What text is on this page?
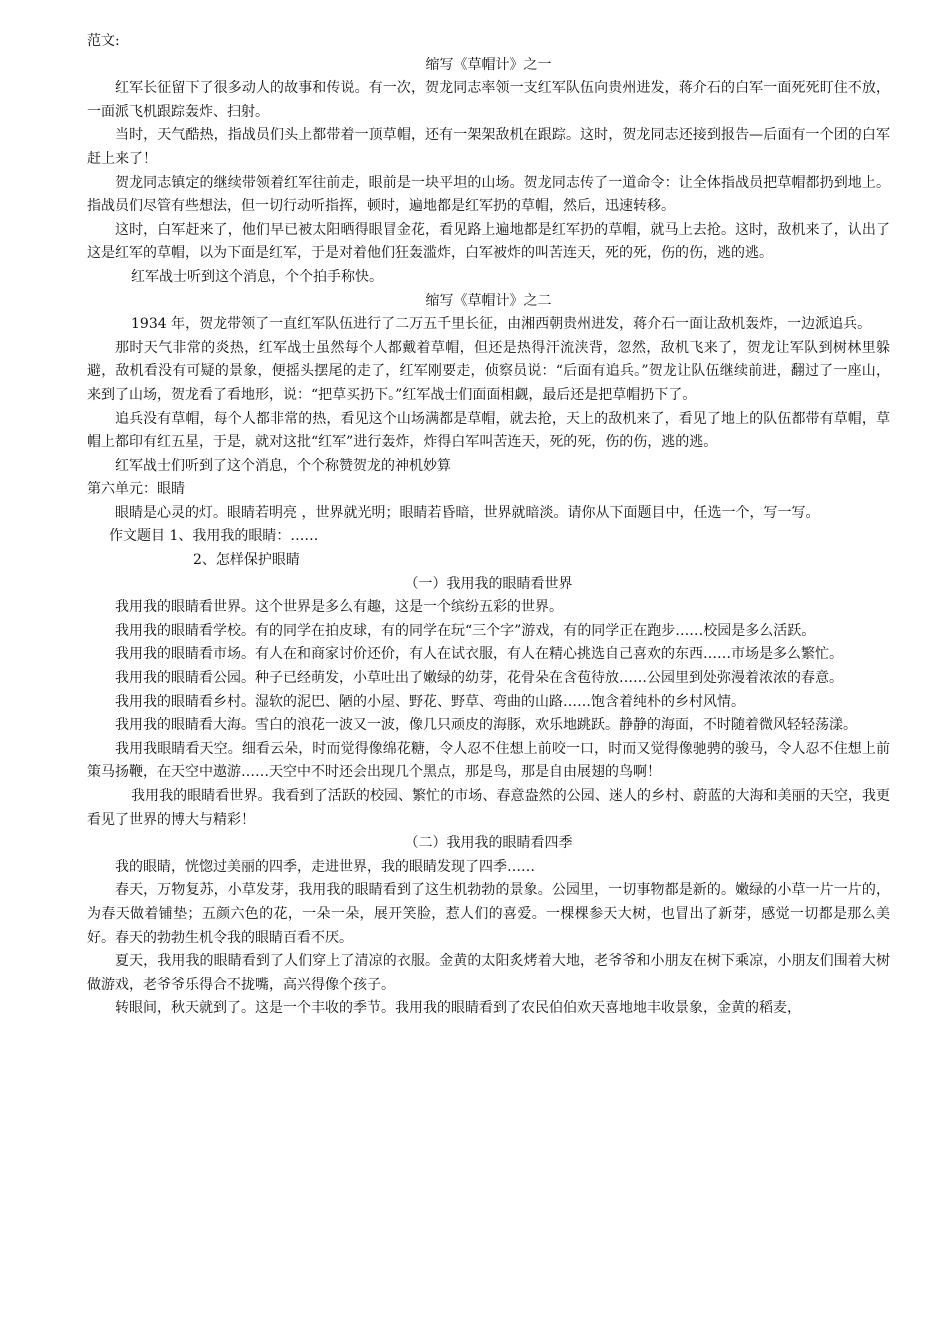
范文:

缩写《草帽计》之一

红军长征留下了很多动人的故事和传说。有一次，贺龙同志率领一支红军队伍向贵州进发，蒋介石的白军一面死死盯住不放，一面派飞机跟踪轰炸、扫射。

当时，天气酷热，指战员们头上都带着一顶草帽，还有一架架敌机在跟踪。这时，贺龙同志还接到报告—后面有一个团的白军赶上来了！

贺龙同志镇定的继续带领着红军往前走，眼前是一块平坦的山场。贺龙同志传了一道命令：让全体指战员把草帽都扔到地上。指战员们尽管有些想法，但一切行动听指挥，顿时，遍地都是红军扔的草帽，然后，迅速转移。

这时，白军赶来了，他们早已被太阳晒得眼冒金花，看见路上遍地都是红军扔的草帽，就马上去抢。这时，敌机来了，认出了这是红军的草帽，以为下面是红军，于是对着他们狂轰滥炸，白军被炸的叫苦连天，死的死，伤的伤，逃的逃。

红军战士听到这个消息，个个拍手称快。

缩写《草帽计》之二

1934 年，贺龙带领了一直红军队伍进行了二万五千里长征，由湘西朝贵州进发，蒋介石一面让敌机轰炸，一边派追兵。

那时天气非常的炎热，红军战士虽然每个人都戴着草帽，但还是热得汗流浃背，忽然，敌机飞来了，贺龙让军队到树林里躲避，敌机看没有可疑的景象，便摇头摆尾的走了，红军刚要走，侦察员说：“后面有追兵。”贺龙让队伍继续前进，翻过了一座山，来到了山场，贺龙看了看地形，说：“把草买扔下。”红军战士们面面相觑，最后还是把草帽扔下了。

追兵没有草帽，每个人都非常的热，看见这个山场满都是草帽，就去抢，天上的敌机来了，看见了地上的队伍都带有草帽，草帽上都印有红五星，于是，就对这批“红军”进行轰炸，炸得白军叫苦连天，死的死，伤的伤，逃的逃。

红军战士们听到了这个消息，个个称赞贺龙的神机妙算

第六单元：眼睛

眼睛是心灵的灯。眼睛若明亮 ，世界就光明；眼睛若昏暗，世界就暗淡。请你从下面题目中，任选一个，写一写。

作文题目 1、我用我的眼睛：……

2、怎样保护眼睛

（一）我用我的眼睛看世界

我用我的眼睛看世界。这个世界是多么有趣，这是一个缤纷五彩的世界。

我用我的眼睛看学校。有的同学在拍皮球，有的同学在玩“三个字”游戏，有的同学正在跑步……校园是多么活跃。

我用我的眼睛看市场。有人在和商家讨价还价，有人在试衣服，有人在精心挑选自己喜欢的东西……市场是多么繁忙。

我用我的眼睛看公园。种子已经萌发，小草吐出了嫩绿的幼芽，花骨朵在含苞待放……公园里到处弥漫着浓浓的春意。

我用我的眼睛看乡村。湿软的泥巴、陋的小屋、野花、野草、弯曲的山路……饱含着纯朴的乡村风情。

我用我的眼睛看大海。雪白的浪花一波又一波，像几只顽皮的海豚，欢乐地跳跃。静静的海面，不时随着微风轻轻荡漾。

我用我眼睛看天空。细看云朵，时而觉得像绵花糖，令人忍不住想上前咬一口，时而又觉得像驰骋的骏马，令人忍不住想上前策马扬鞭，在天空中遨游……天空中不时还会出现几个黑点，那是鸟，那是自由展翅的鸟啊！

我用我的眼睛看世界。我看到了活跃的校园、繁忙的市场、春意盎然的公园、迷人的乡村、蔚蓝的大海和美丽的天空，我更看见了世界的博大与精彩！

（二）我用我的眼睛看四季

我的眼睛，恍惚过美丽的四季，走进世界，我的眼睛发现了四季……

春天，万物复苏，小草发芽，我用我的眼睛看到了这生机勃勃的景象。公园里，一切事物都是新的。嫩绿的小草一片一片的，为春天做着铺垫；五颜六色的花，一朵一朵，展开笑脸，惹人们的喜爱。一棵棵参天大树，也冒出了新芽，感觉一切都是那么美好。春天的勃勃生机令我的眼睛百看不厌。

夏天，我用我的眼睛看到了人们穿上了清凉的衣服。金黄的太阳炙烤着大地，老爷爷和小朋友在树下乘凉，小朋友们围着大树做游戏，老爷爷乐得合不拢嘴，高兴得像个孩子。

转眼间，秋天就到了。这是一个丰收的季节。我用我的眼睛看到了农民伯伯欢天喜地地丰收景象，金黄的稻麦，
